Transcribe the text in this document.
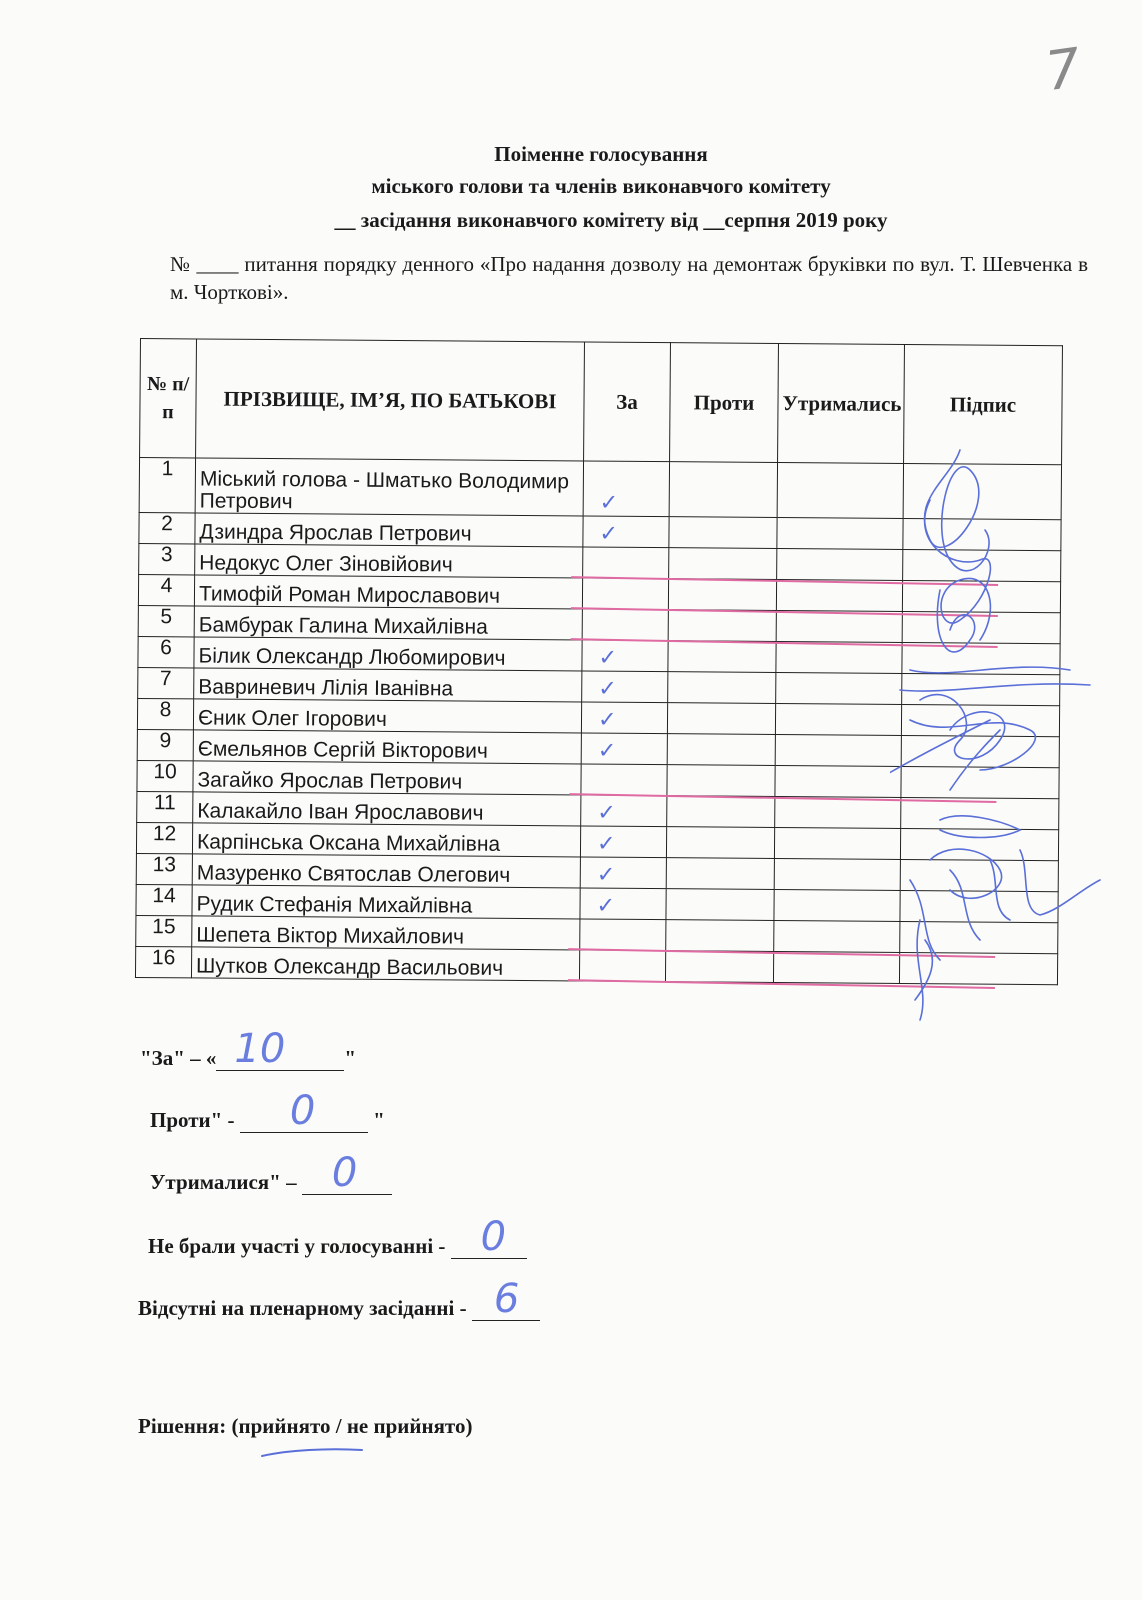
7
Поіменне голосування
міського голови та членів виконавчого комітету
__ засідання виконавчого комітету від __серпня 2019 року
№ ____ питання порядку денного «Про надання дозволу на демонтаж бруківки по вул. Т. Шевченка в м. Чорткові».
№ п/п	ПРІЗВИЩЕ, ІМ’Я, ПО БАТЬКОВІ	За	Проти	Утримались	Підпис
1	Міський голова - Шматько Володимир Петрович	✓			

2	Дзиндра Ярослав Петрович	✓			

3	Недокус Олег Зіновійович	

4	Тимофій Роман Мирославович	

5	Бамбурак Галина Михайлівна	

6	Білик Олександр Любомирович	✓			

7	Вавриневич Лілія Іванівна	✓			

8	Єник Олег Ігорович	✓			

9	Ємельянов Сергій Вікторович	✓			

10	Загайко Ярослав Петрович	

11	Калакайло Іван Ярославович	✓			

12	Карпінська Оксана Михайлівна	✓			

13	Мазуренко Святослав Олегович	✓			

14	Рудик Стефанія Михайлівна	✓			

15	Шепета Віктор Михайлович	

16	Шутков Олександр Васильович	

"За" – « 10	"
Проти" - 0	"
Утрималися" – 0
Не брали участі у голосуванні - 0
Відсутні на пленарному засіданні - 6
Рішення: (прийнято / не прийнято)
